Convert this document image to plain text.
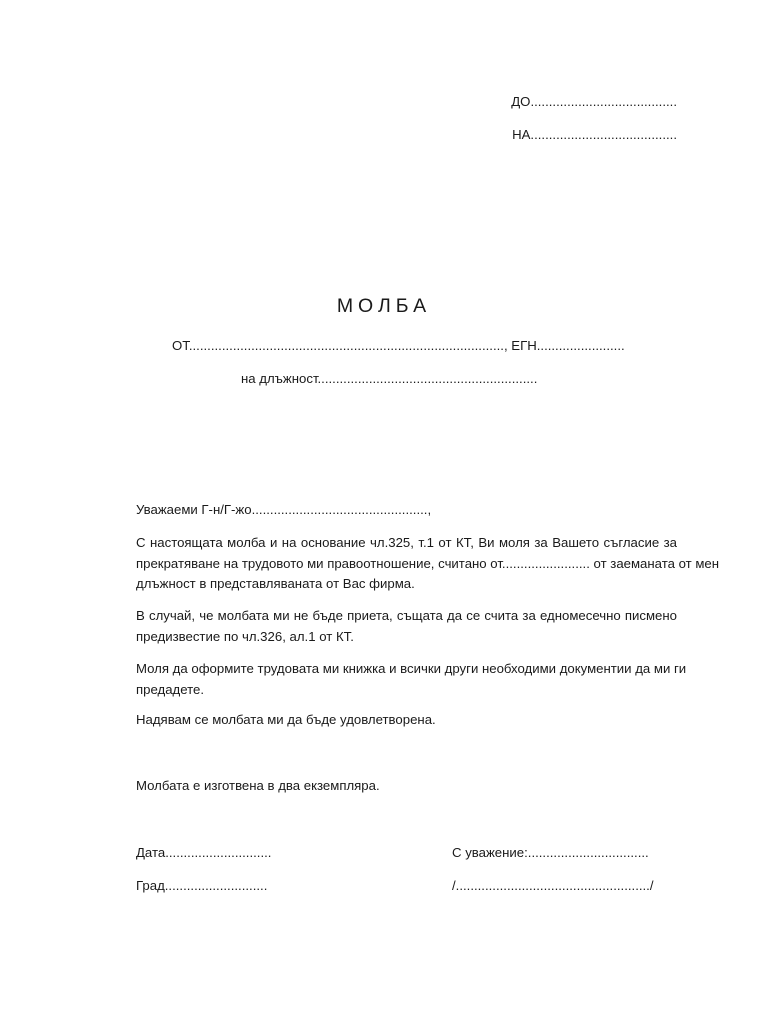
ДО........................................
НА........................................
МОЛБА
ОТ......................................................................................, ЕГН........................
на длъжност............................................................
Уважаеми Г-н/Г-жо................................................,
С настоящата молба и на основание чл.325, т.1 от КТ, Ви моля за Вашето съгласие за
прекратяване на трудовото ми правоотношение, считано от........................ от заеманата от мен
длъжност в представляваната от Вас фирма.
В случай, че молбата ми не бъде приета, същата да се счита за едномесечно писмено
предизвестие по чл.326, ал.1 от КТ.
Моля да оформите трудовата ми книжка и всички други необходими документии да ми ги
предадете.
Надявам се молбата ми да бъде удовлетворена.
Молбата е изготвена в два екземпляра.
Дата.............................
Град............................
С уважение:.................................
/...................................................../
